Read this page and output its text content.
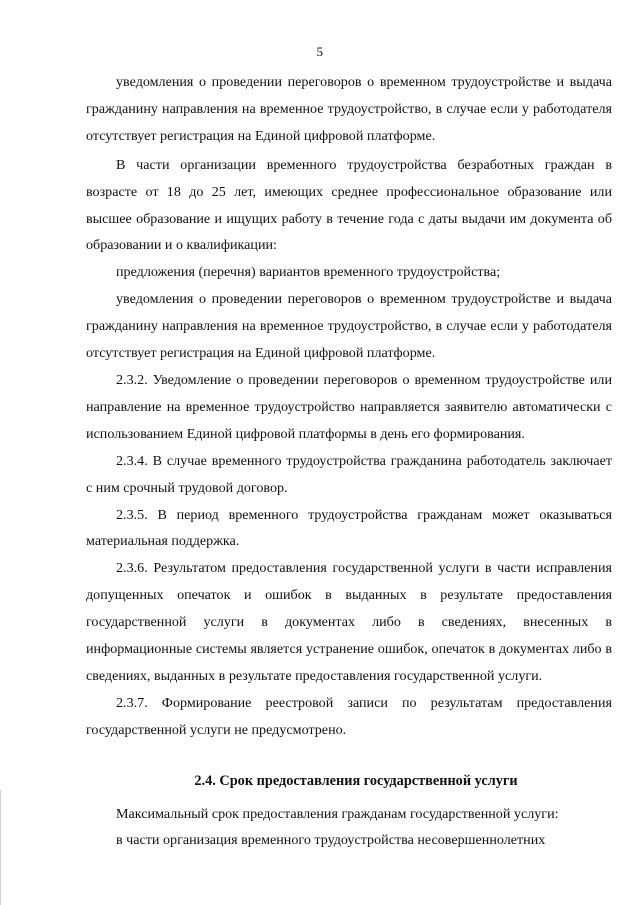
5

уведомления о проведении переговоров о временном трудоустройстве и выдача гражданину направления на временное трудоустройство, в случае если у работодателя отсутствует регистрация на Единой цифровой платформе.

В части организации временного трудоустройства безработных граждан в возрасте от 18 до 25 лет, имеющих среднее профессиональное образование или высшее образование и ищущих работу в течение года с даты выдачи им документа об образовании и о квалификации:

предложения (перечня) вариантов временного трудоустройства;

уведомления о проведении переговоров о временном трудоустройстве и выдача гражданину направления на временное трудоустройство, в случае если у работодателя отсутствует регистрация на Единой цифровой платформе.

2.3.2. Уведомление о проведении переговоров о временном трудоустройстве или направление на временное трудоустройство направляется заявителю автоматически с использованием Единой цифровой платформы в день его формирования.

2.3.4. В случае временного трудоустройства гражданина работодатель заключает с ним срочный трудовой договор.

2.3.5. В период временного трудоустройства гражданам может оказываться материальная поддержка.

2.3.6. Результатом предоставления государственной услуги в части исправления допущенных опечаток и ошибок в выданных в результате предоставления государственной услуги в документах либо в сведениях, внесенных в информационные системы является устранение ошибок, опечаток в документах либо в сведениях, выданных в результате предоставления государственной услуги.

2.3.7. Формирование реестровой записи по результатам предоставления государственной услуги не предусмотрено.

2.4. Срок предоставления государственной услуги

Максимальный срок предоставления гражданам государственной услуги:

в части организация временного трудоустройства несовершеннолетних
